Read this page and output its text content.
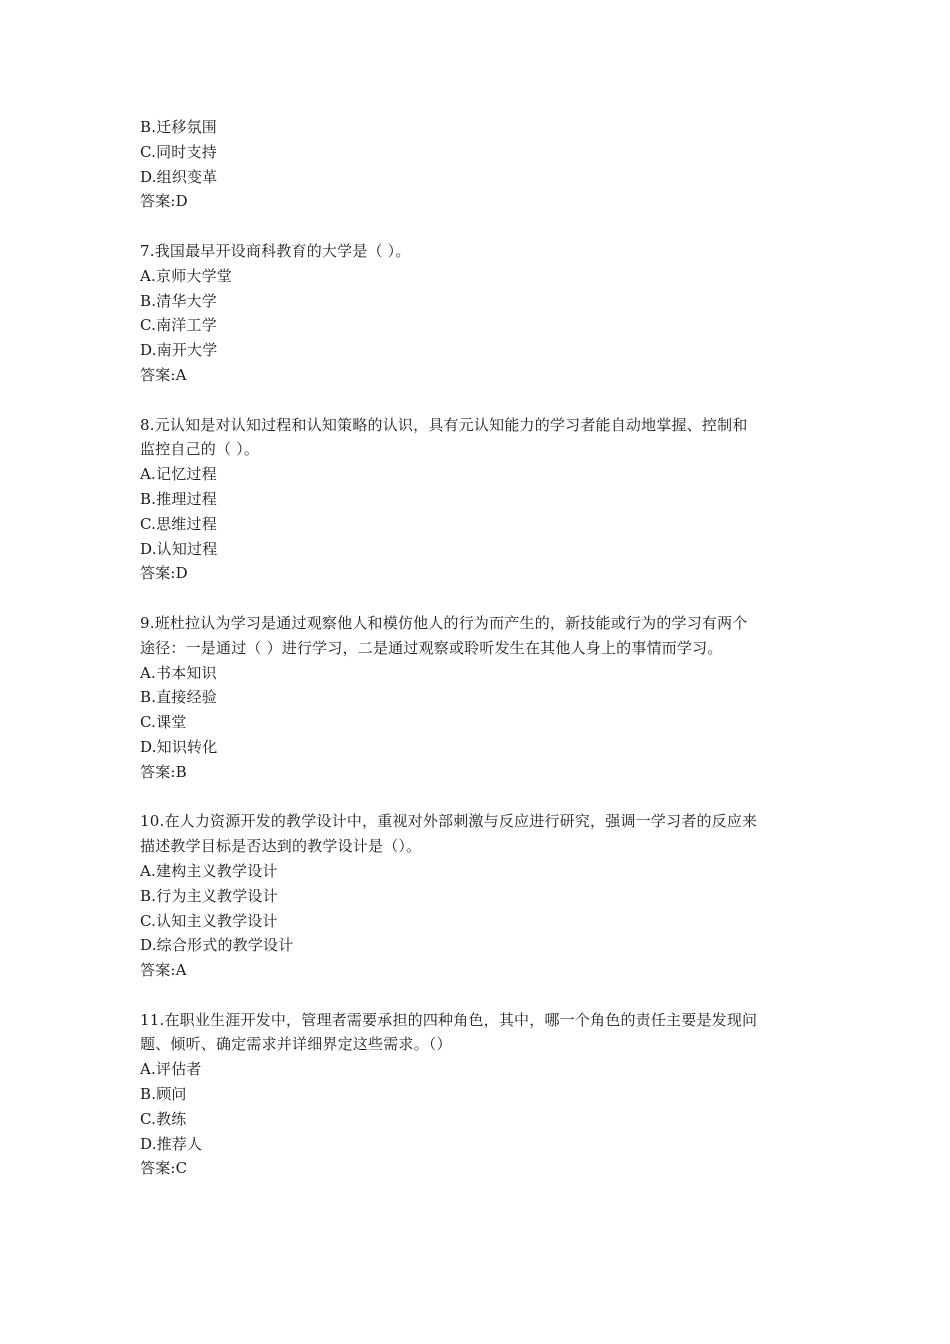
B.迁移氛围
C.同时支持
D.组织变革
答案:D
7.我国最早开设商科教育的大学是（ ）。
A.京师大学堂
B.清华大学
C.南洋工学
D.南开大学
答案:A
8.元认知是对认知过程和认知策略的认识，具有元认知能力的学习者能自动地掌握、控制和
监控自己的（ ）。
A.记忆过程
B.推理过程
C.思维过程
D.认知过程
答案:D
9.班杜拉认为学习是通过观察他人和模仿他人的行为而产生的，新技能或行为的学习有两个
途径：一是通过（ ）进行学习，二是通过观察或聆听发生在其他人身上的事情而学习。
A.书本知识
B.直接经验
C.课堂
D.知识转化
答案:B
10.在人力资源开发的教学设计中，重视对外部刺激与反应进行研究，强调一学习者的反应来
描述教学目标是否达到的教学设计是（）。
A.建构主义教学设计
B.行为主义教学设计
C.认知主义教学设计
D.综合形式的教学设计
答案:A
11.在职业生涯开发中，管理者需要承担的四种角色，其中，哪一个角色的责任主要是发现问
题、倾听、确定需求并详细界定这些需求。（）
A.评估者
B.顾问
C.教练
D.推荐人
答案:C
